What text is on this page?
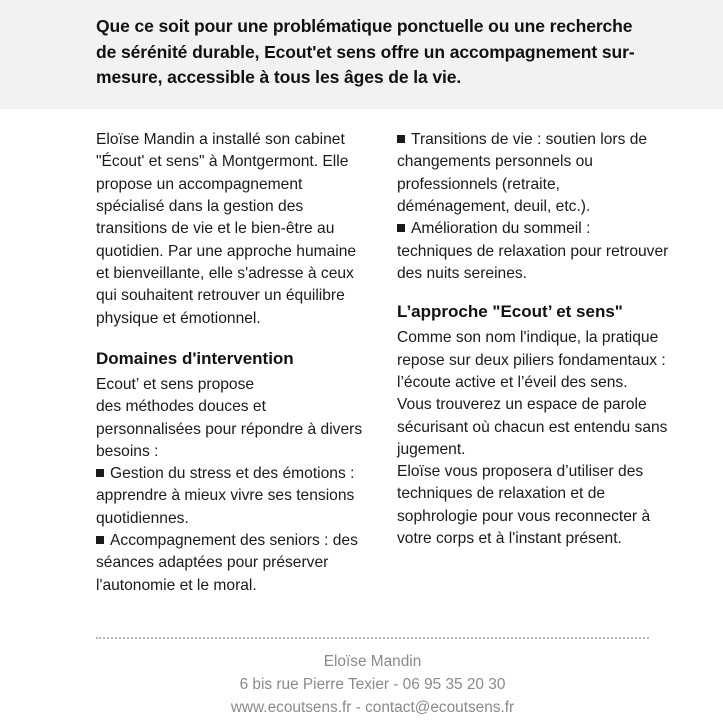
Que ce soit pour une problématique ponctuelle ou une recherche de sérénité durable, Ecout'et sens offre un accompagnement sur-mesure, accessible à tous les âges de la vie.

Eloïse Mandin a installé son cabinet "Écout' et sens" à Montgermont. Elle propose un accompagnement spécialisé dans la gestion des transitions de vie et le bien-être au quotidien. Par une approche humaine et bienveillante, elle s'adresse à ceux qui souhaitent retrouver un équilibre physique et émotionnel.

Domaines d'intervention

Ecout’ et sens propose

des méthodes douces et personnalisées pour répondre à divers besoins :

Gestion du stress et des émotions : apprendre à mieux vivre ses tensions quotidiennes.

Accompagnement des seniors : des séances adaptées pour préserver l'autonomie et le moral.

Transitions de vie : soutien lors de changements personnels ou professionnels (retraite, déménagement, deuil, etc.).

Amélioration du sommeil : techniques de relaxation pour retrouver des nuits sereines.

L’approche "Ecout’ et sens"

Comme son nom l'indique, la pratique repose sur deux piliers fondamentaux : l’écoute active et l’éveil des sens.

Vous trouverez un espace de parole sécurisant où chacun est entendu sans jugement.

Eloïse vous proposera d’utiliser des techniques de relaxation et de sophrologie pour vous reconnecter à votre corps et à l'instant présent.

Eloïse Mandin

6 bis rue Pierre Texier - 06 95 35 20 30

www.ecoutsens.fr - contact@ecoutsens.fr
